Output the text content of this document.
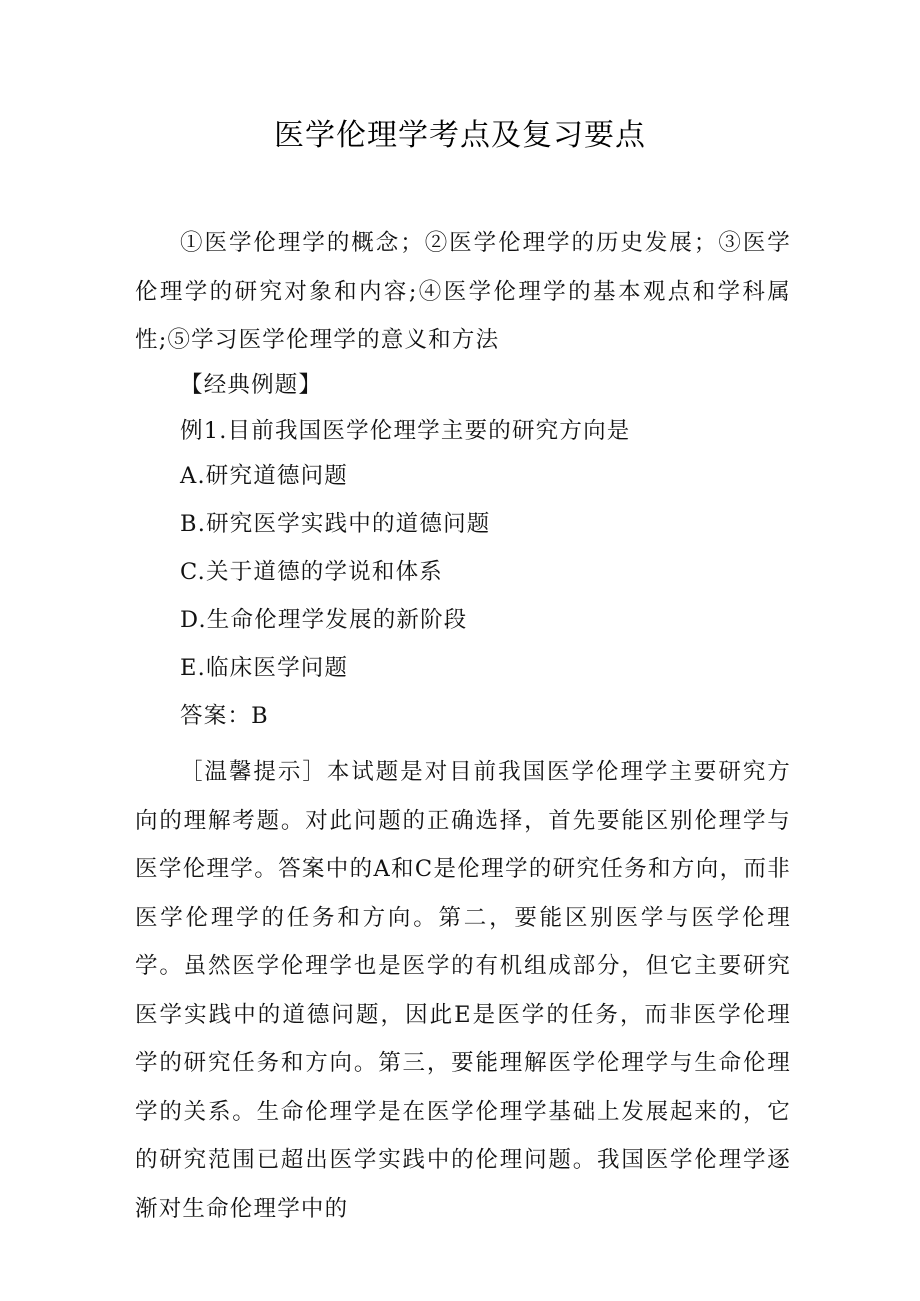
医学伦理学考点及复习要点
①医学伦理学的概念；②医学伦理学的历史发展；③医学伦理学的研究对象和内容;④医学伦理学的基本观点和学科属性;⑤学习医学伦理学的意义和方法
【经典例题】
例1.目前我国医学伦理学主要的研究方向是
A.研究道德问题
B.研究医学实践中的道德问题
C.关于道德的学说和体系
D.生命伦理学发展的新阶段
E.临床医学问题
答案：B
［温馨提示］本试题是对目前我国医学伦理学主要研究方向的理解考题。对此问题的正确选择，首先要能区别伦理学与医学伦理学。答案中的A和C是伦理学的研究任务和方向，而非医学伦理学的任务和方向。第二，要能区别医学与医学伦理学。虽然医学伦理学也是医学的有机组成部分，但它主要研究医学实践中的道德问题，因此E是医学的任务，而非医学伦理学的研究任务和方向。第三，要能理解医学伦理学与生命伦理学的关系。生命伦理学是在医学伦理学基础上发展起来的，它的研究范围已超出医学实践中的伦理问题。我国医学伦理学逐渐对生命伦理学中的
